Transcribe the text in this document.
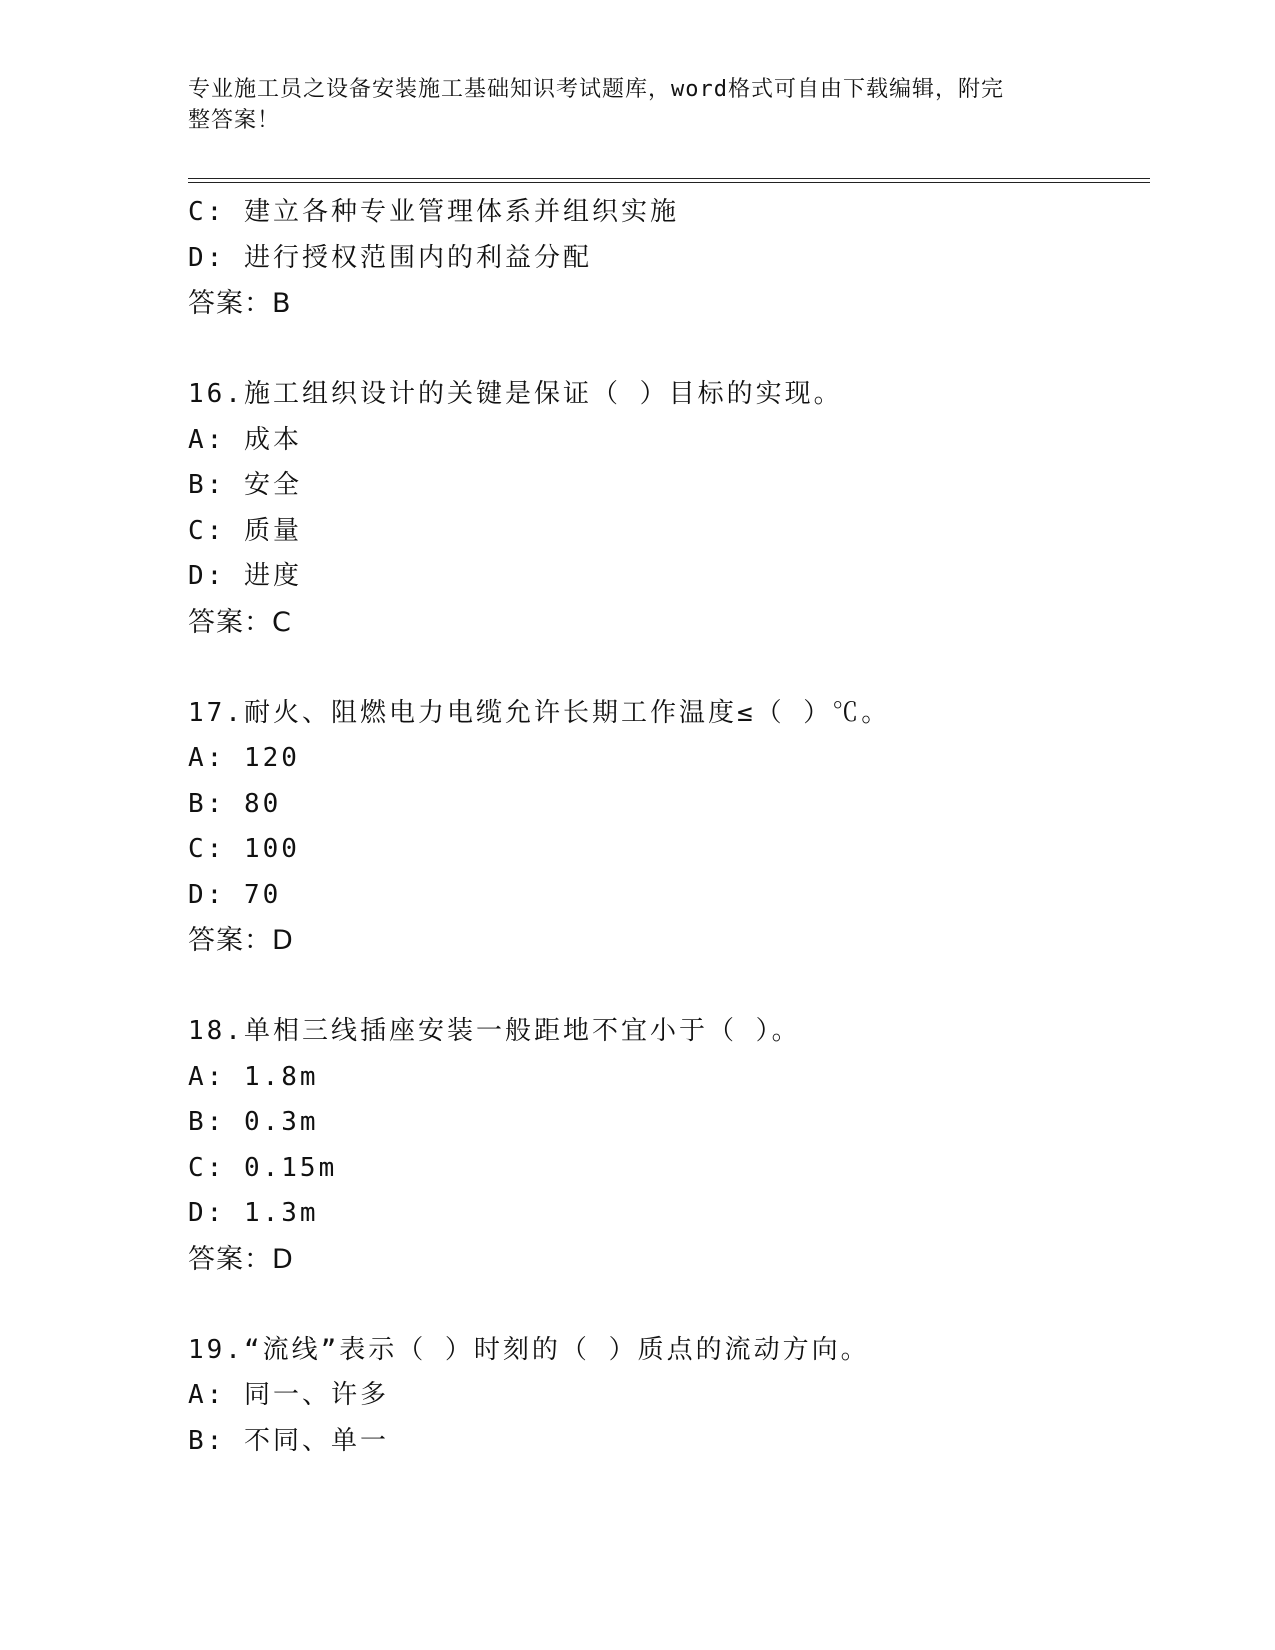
专业施工员之设备安装施工基础知识考试题库，word格式可自由下载编辑，附完
整答案！
C: 建立各种专业管理体系并组织实施
D: 进行授权范围内的利益分配
答案：B
16.施工组织设计的关键是保证（ ）目标的实现。
A: 成本
B: 安全
C: 质量
D: 进度
答案：C
17.耐火、阻燃电力电缆允许长期工作温度≤（ ）℃。
A: 120
B: 80
C: 100
D: 70
答案：D
18.单相三线插座安装一般距地不宜小于（ ）。
A: 1.8m
B: 0.3m
C: 0.15m
D: 1.3m
答案：D
19.“流线”表示（ ）时刻的（ ）质点的流动方向。
A: 同一、许多
B: 不同、单一
